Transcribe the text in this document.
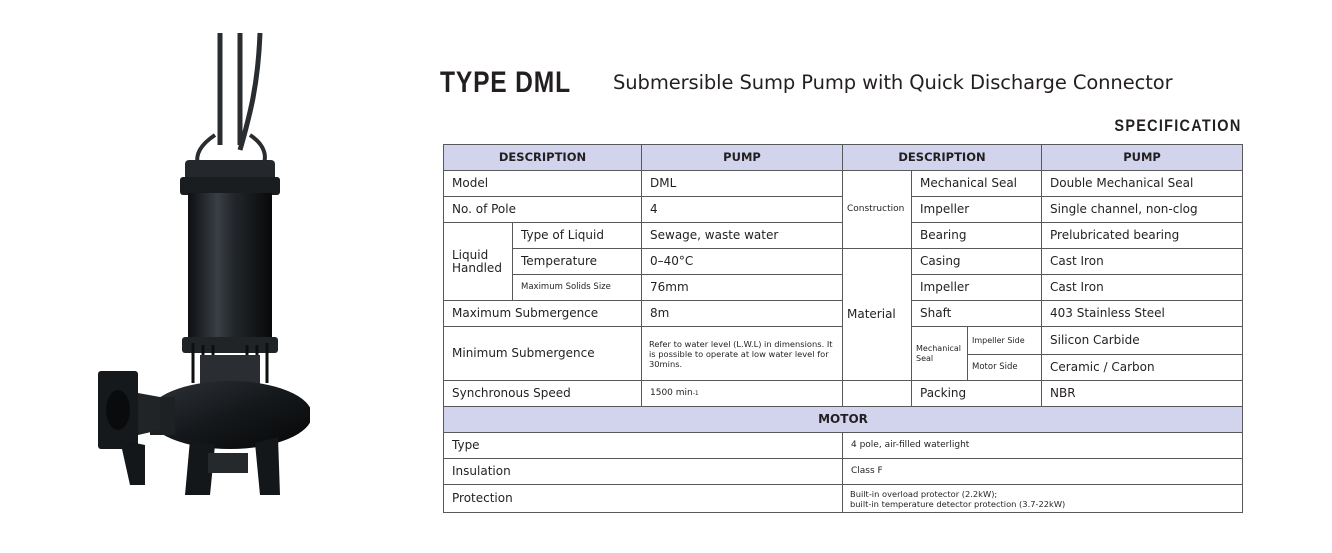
TYPE DML Submersible Sump Pump with Quick Discharge Connector
SPECIFICATION
DESCRIPTION		PUMP	DESCRIPTION			PUMP
Model		DML	Construction	Mechanical Seal		Double Mechanical Seal
No. of Pole		4		Impeller		Single channel, non-clog
Liquid Handled	Type of Liquid	Sewage, waste water		Bearing		Prelubricated bearing
	Temperature	0–40°C	Material	Casing		Cast Iron
	Maximum Solids Size	76mm		Impeller		Cast Iron
Maximum Submergence		8m		Shaft		403 Stainless Steel
Minimum Submergence		Refer to water level (L.W.L) in dimensions. It is possible to operate at low water level for 30mins.		Mechanical Seal	Impeller Side	Silicon Carbide
					Motor Side	Ceramic / Carbon
Synchronous Speed		1500 $\min^{-1}$		Packing		NBR
MOTOR						
Type			4 pole, air-filled waterlight			
Insulation			Class F			
Protection			Built-in overload protector (2.2kW);
built-in temperature detector protection (3.7-22kW)			
